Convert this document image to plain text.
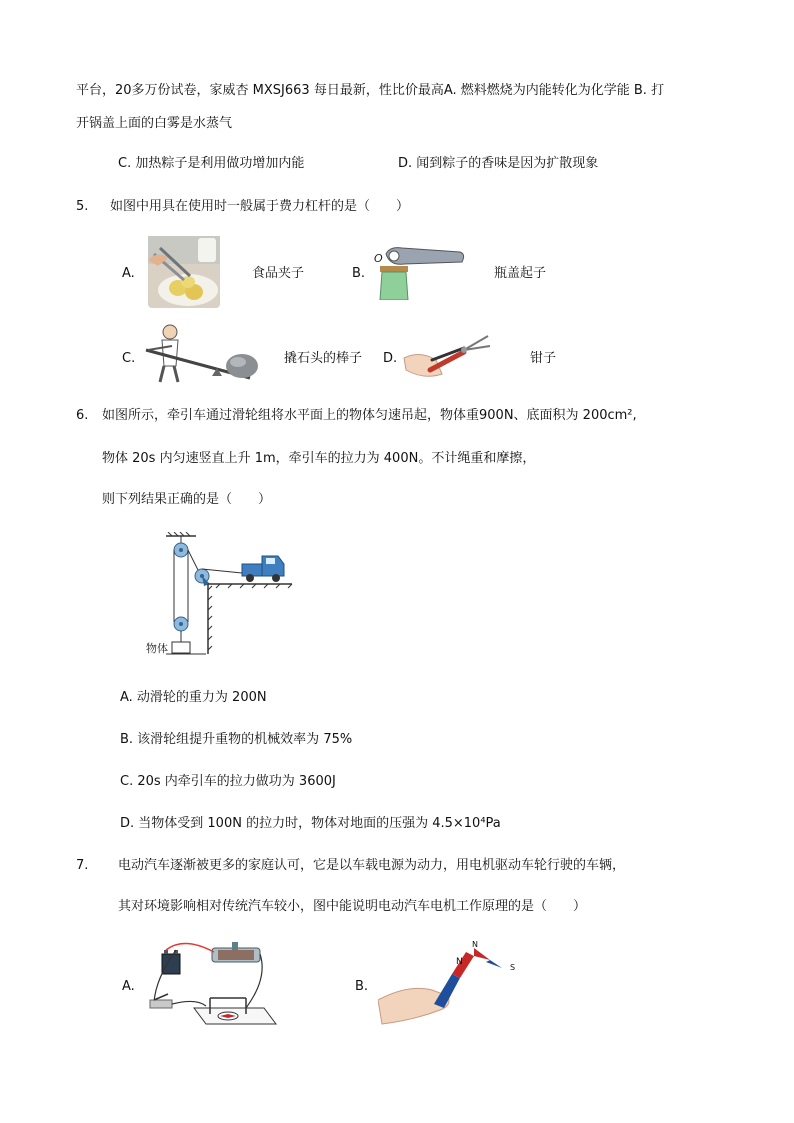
平台，20多万份试卷，家威杏 MXSJ663 每日最新，性比价最高A. 燃料燃烧为内能转化为化学能 B. 打
开锅盖上面的白雾是水蒸气
C. 加热粽子是利用做功增加内能	D. 闻到粽子的香味是因为扩散现象
5. 如图中用具在使用时一般属于费力杠杆的是（　　）
A.	食品夹子	B.
O
瓶盖起子
C.	撬石头的棒子 D.	钳子
6. 如图所示，牵引车通过滑轮组将水平面上的物体匀速吊起，物体重900N、底面积为 200cm²,
物体 20s 内匀速竖直上升 1m，牵引车的拉力为 400N。不计绳重和摩擦，
则下列结果正确的是（　　）
物体
A. 动滑轮的重力为 200N
B. 该滑轮组提升重物的机械效率为 75%
C. 20s 内牵引车的拉力做功为 3600J
D. 当物体受到 100N 的拉力时，物体对地面的压强为 4.5×10⁴Pa
7. 电动汽车逐渐被更多的家庭认可，它是以车载电源为动力，用电机驱动车轮行驶的车辆，
其对环境影响相对传统汽车较小，图中能说明电动汽车电机工作原理的是（　　）
A.	B.
N
N
S
